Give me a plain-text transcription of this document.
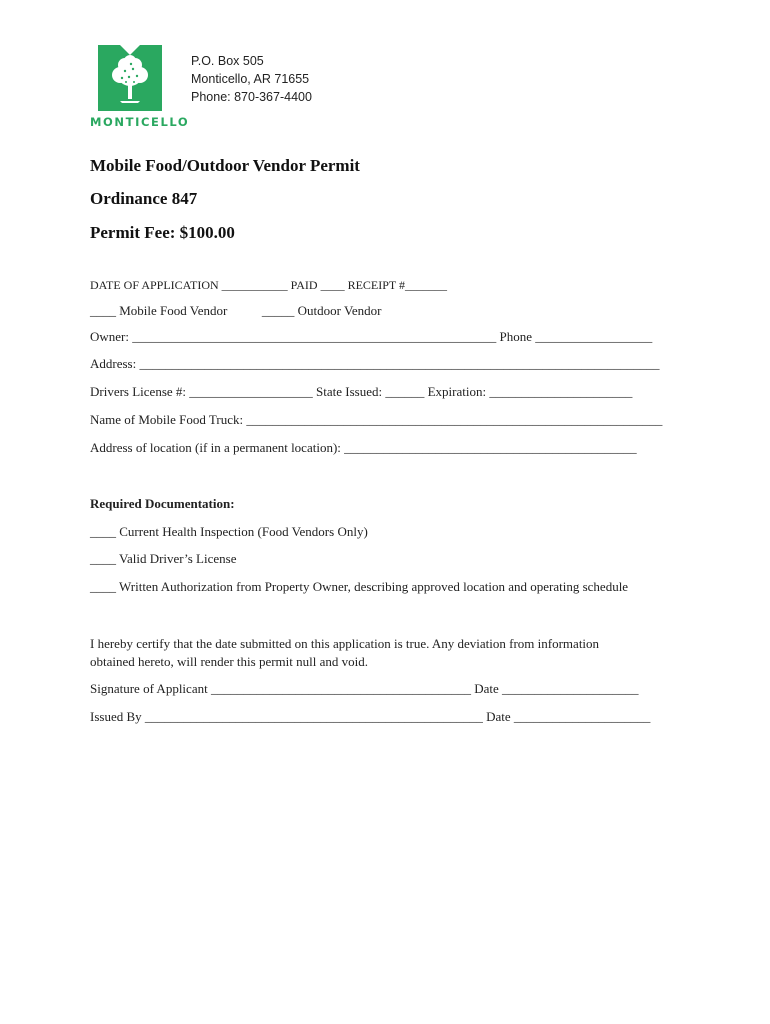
MONTICELLO
P.O. Box 505
Monticello, AR 71655
Phone: 870-367-4400
Mobile Food/Outdoor Vendor Permit
Ordinance 847
Permit Fee: $100.00
DATE OF APPLICATION ___________ PAID ____ RECEIPT #_______
____ Mobile Food Vendor	_____ Outdoor Vendor
Owner: ________________________________________________________ Phone __________________
Address: ________________________________________________________________________________
Drivers License #: ___________________ State Issued: ______ Expiration: ______________________
Name of Mobile Food Truck: ________________________________________________________________
Address of location (if in a permanent location): _____________________________________________
Required Documentation:
____ Current Health Inspection (Food Vendors Only)
____ Valid Driver’s License
____ Written Authorization from Property Owner, describing approved location and operating schedule
I hereby certify that the date submitted on this application is true. Any deviation from information
obtained hereto, will render this permit null and void.
Signature of Applicant ________________________________________ Date _____________________
Issued By ____________________________________________________ Date _____________________
